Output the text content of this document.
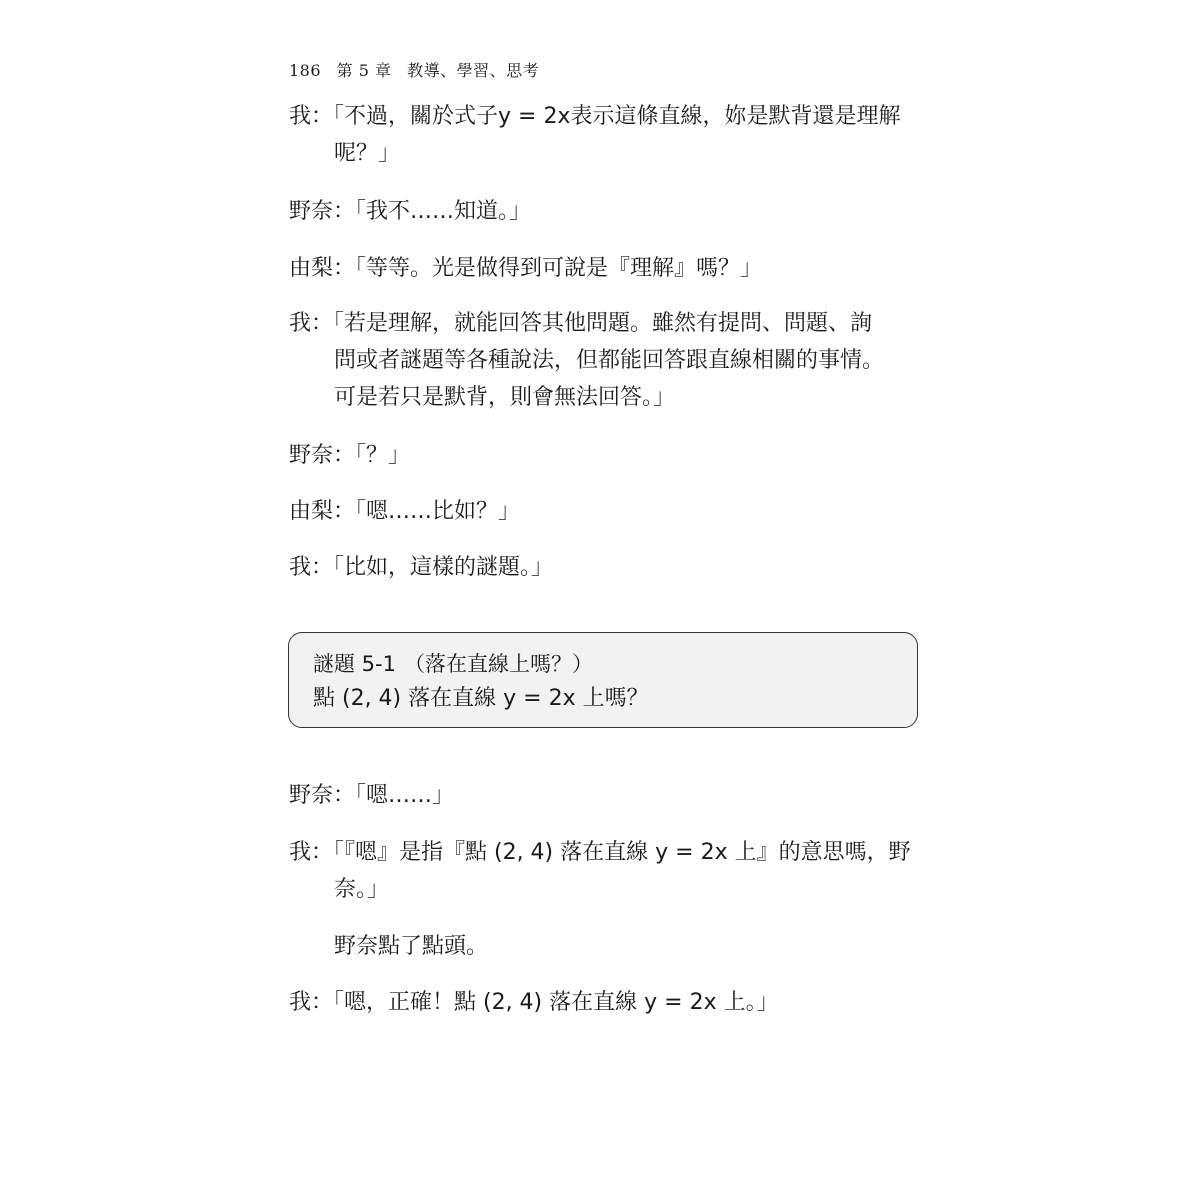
186 第 5 章 教導、學習、思考
我：「不過，關於式子y = 2x表示這條直線，妳是默背還是理解
呢？」
野奈：「我不……知道。」
由梨：「等等。光是做得到可說是『理解』嗎？」
我：「若是理解，就能回答其他問題。雖然有提問、問題、詢
問或者謎題等各種說法，但都能回答跟直線相關的事情。
可是若只是默背，則會無法回答。」
野奈：「？」
由梨：「嗯……比如？」
我：「比如，這樣的謎題。」
謎題 5-1 （落在直線上嗎？）
點 (2, 4) 落在直線 y = 2x 上嗎？
野奈：「嗯……」
我：「『嗯』是指『點 (2, 4) 落在直線 y = 2x 上』的意思嗎，野
奈。」
野奈點了點頭。
我：「嗯，正確！點 (2, 4) 落在直線 y = 2x 上。」
